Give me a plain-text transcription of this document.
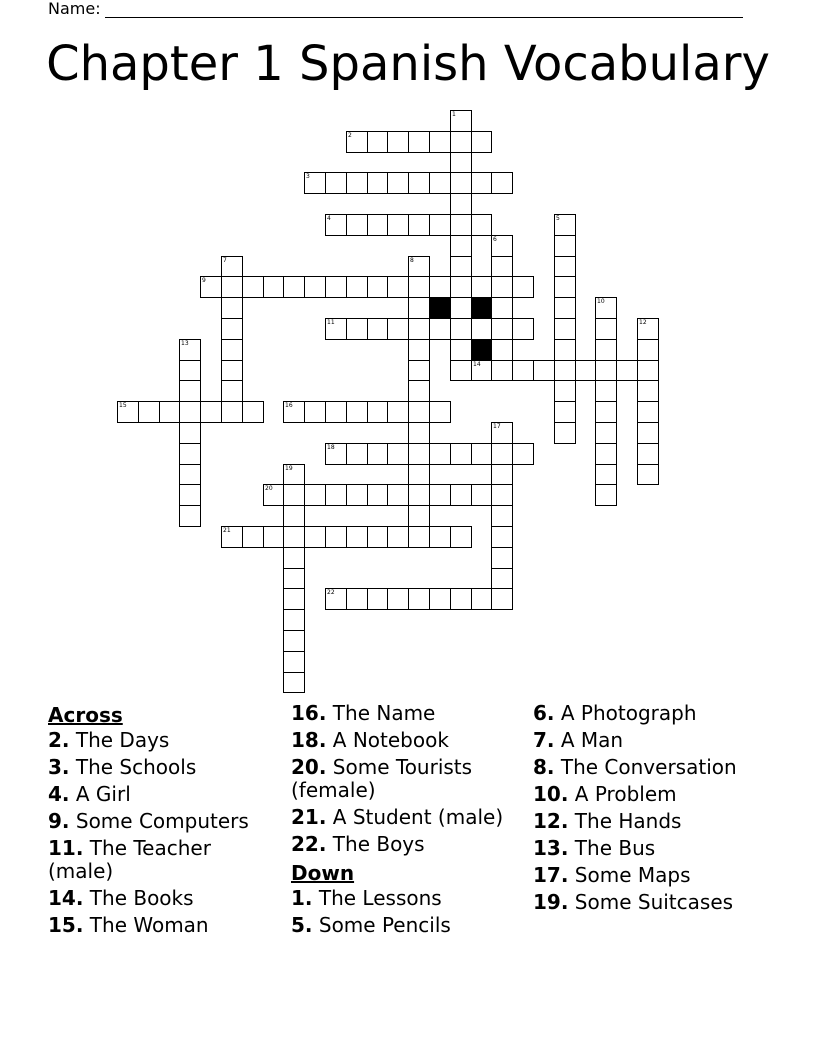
Name:
Chapter 1 Spanish Vocabulary
1
2
3
4	5
6
7	8
9
10
11	12
13
14
15	16
17
18
19
20
21
22

Across

2. The Days

3. The Schools

4. A Girl

9. Some Computers

11. The Teacher (male)

14. The Books

15. The Woman

16. The Name

18. A Notebook

20. Some Tourists (female)

21. A Student (male)

22. The Boys

Down

1. The Lessons

5. Some Pencils

6. A Photograph

7. A Man

8. The Conversation

10. A Problem

12. The Hands

13. The Bus

17. Some Maps

19. Some Suitcases
